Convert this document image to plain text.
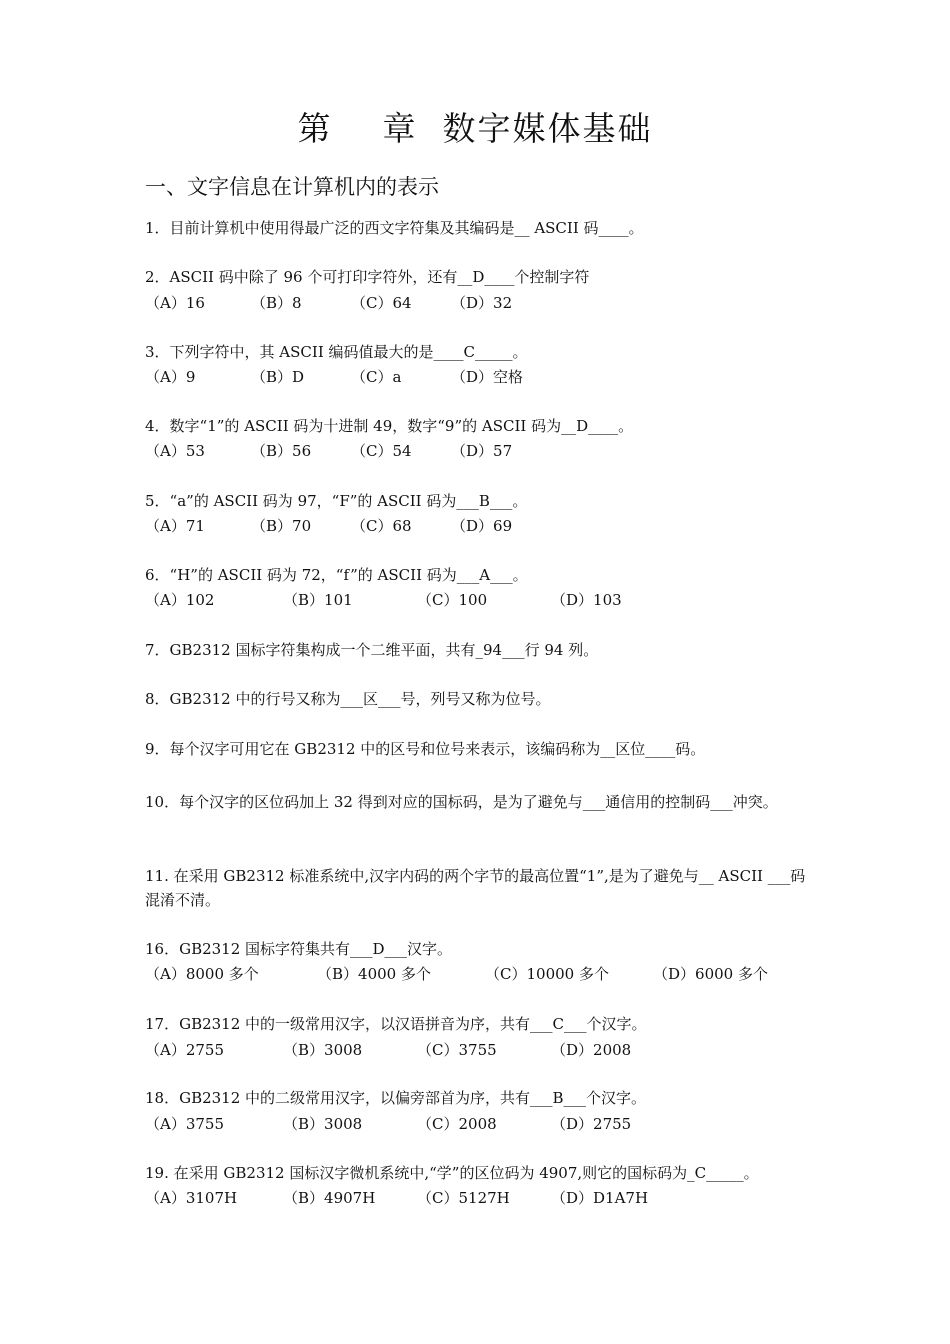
第    章  数字媒体基础
一、文字信息在计算机内的表示
1．目前计算机中使用得最广泛的西文字符集及其编码是__ ASCII 码____。
2．ASCII 码中除了 96 个可打印字符外，还有__D____个控制字符
（A）16	（B）8	（C）64	（D）32
3．下列字符中，其 ASCII 编码值最大的是____C_____。
（A）9	（B）D	（C）a	（D）空格
4．数字“1”的 ASCII 码为十进制 49，数字“9”的 ASCII 码为__D____。
（A）53	（B）56	（C）54	（D）57
5．“a”的 ASCII 码为 97，“F”的 ASCII 码为___B___。
（A）71	（B）70	（C）68	（D）69
6．“H”的 ASCII 码为 72，“f”的 ASCII 码为___A___。
（A）102	（B）101	（C）100	（D）103
7．GB2312 国标字符集构成一个二维平面，共有_94___行 94 列。
8．GB2312 中的行号又称为___区___号，列号又称为位号。
9．每个汉字可用它在 GB2312 中的区号和位号来表示，该编码称为__区位____码。
10．每个汉字的区位码加上 32 得到对应的国标码，是为了避免与___通信用的控制码___冲突。
11. 在采用 GB2312 标准系统中,汉字内码的两个字节的最高位置“1”,是为了避免与__ ASCII ___码混淆不清。
16．GB2312 国标字符集共有___D___汉字。
（A）8000 多个	（B）4000 多个	（C）10000 多个	（D）6000 多个
17．GB2312 中的一级常用汉字，以汉语拼音为序，共有___C___个汉字。
（A）2755	（B）3008	（C）3755	（D）2008
18．GB2312 中的二级常用汉字，以偏旁部首为序，共有___B___个汉字。
（A）3755	（B）3008	（C）2008	（D）2755
19. 在采用 GB2312 国标汉字微机系统中,“学”的区位码为 4907,则它的国标码为_C_____。
（A）3107H	（B）4907H	（C）5127H	（D）D1A7H
